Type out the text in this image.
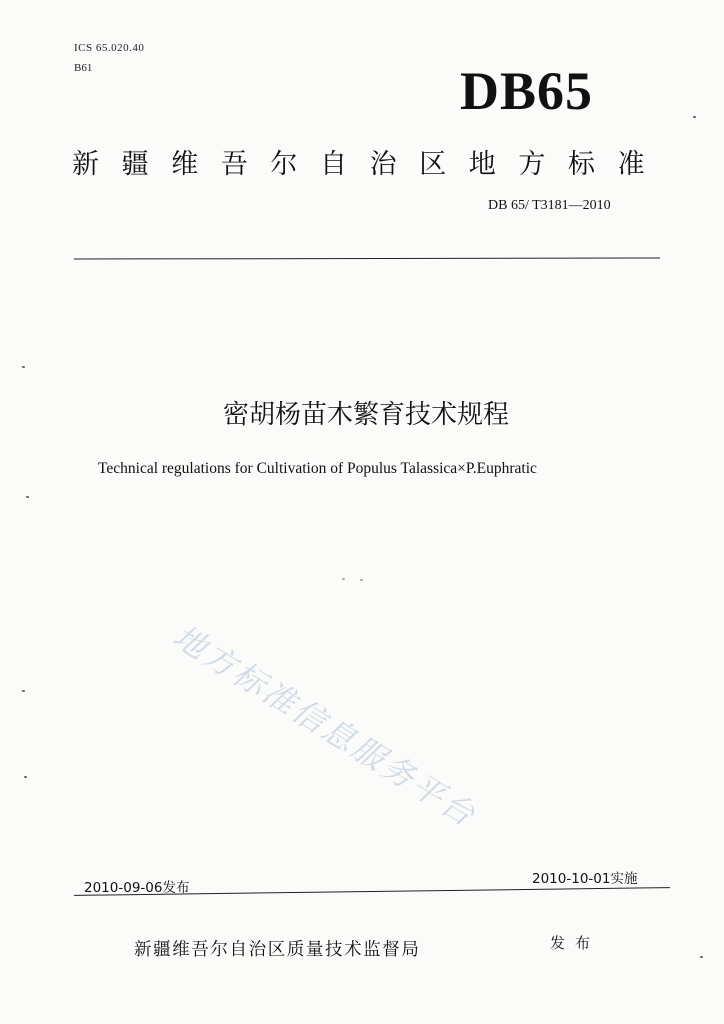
ICS 65.020.40
B61	DB65
新疆维吾尔自治区地方标准
DB 65/ T3181—2010
密胡杨苗木繁育技术规程
Technical regulations for Cultivation of Populus Talassica×P.Euphratic
地方标准信息服务平台
2010-09-06发布
2010-10-01实施
新疆维吾尔自治区质量技术监督局	发布
